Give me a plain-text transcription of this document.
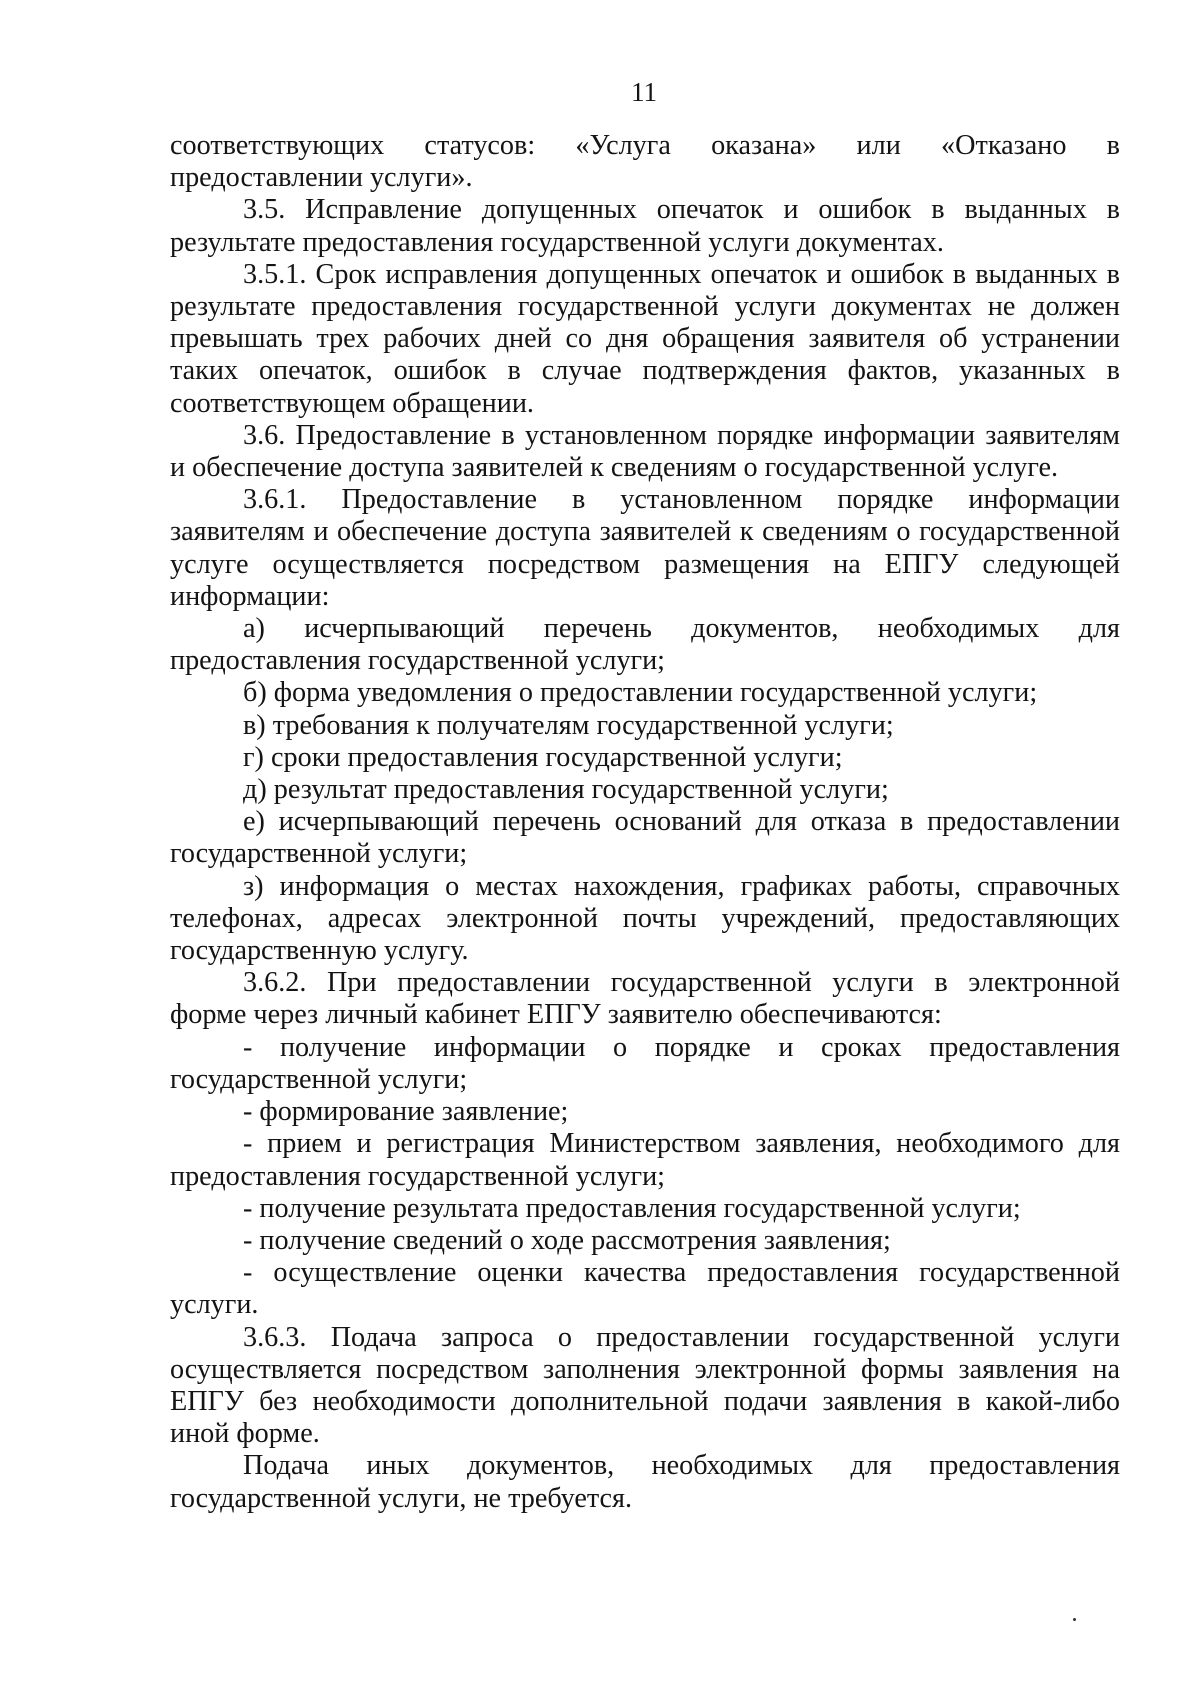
11

соответствующих статусов: «Услуга оказана» или «Отказано в предоставлении услуги».

3.5. Исправление допущенных опечаток и ошибок в выданных в результате предоставления государственной услуги документах.

3.5.1. Срок исправления допущенных опечаток и ошибок в выданных в результате предоставления государственной услуги документах не должен превышать трех рабочих дней со дня обращения заявителя об устранении таких опечаток, ошибок в случае подтверждения фактов, указанных в соответствующем обращении.

3.6. Предоставление в установленном порядке информации заявителям и обеспечение доступа заявителей к сведениям о государственной услуге.

3.6.1. Предоставление в установленном порядке информации заявителям и обеспечение доступа заявителей к сведениям о государственной услуге осуществляется посредством размещения на ЕПГУ следующей информации:

а) исчерпывающий перечень документов, необходимых для предоставления государственной услуги;

б) форма уведомления о предоставлении государственной услуги;

в) требования к получателям государственной услуги;

г) сроки предоставления государственной услуги;

д) результат предоставления государственной услуги;

е) исчерпывающий перечень оснований для отказа в предоставлении государственной услуги;

з) информация о местах нахождения, графиках работы, справочных телефонах, адресах электронной почты учреждений, предоставляющих государственную услугу.

3.6.2. При предоставлении государственной услуги в электронной форме через личный кабинет ЕПГУ заявителю обеспечиваются:

- получение информации о порядке и сроках предоставления государственной услуги;

- формирование заявление;

- прием и регистрация Министерством заявления, необходимого для предоставления государственной услуги;

- получение результата предоставления государственной услуги;

- получение сведений о ходе рассмотрения заявления;

- осуществление оценки качества предоставления государственной услуги.

3.6.3. Подача запроса о предоставлении государственной услуги осуществляется посредством заполнения электронной формы заявления на ЕПГУ без необходимости дополнительной подачи заявления в какой-либо иной форме.

Подача иных документов, необходимых для предоставления государственной услуги, не требуется.
